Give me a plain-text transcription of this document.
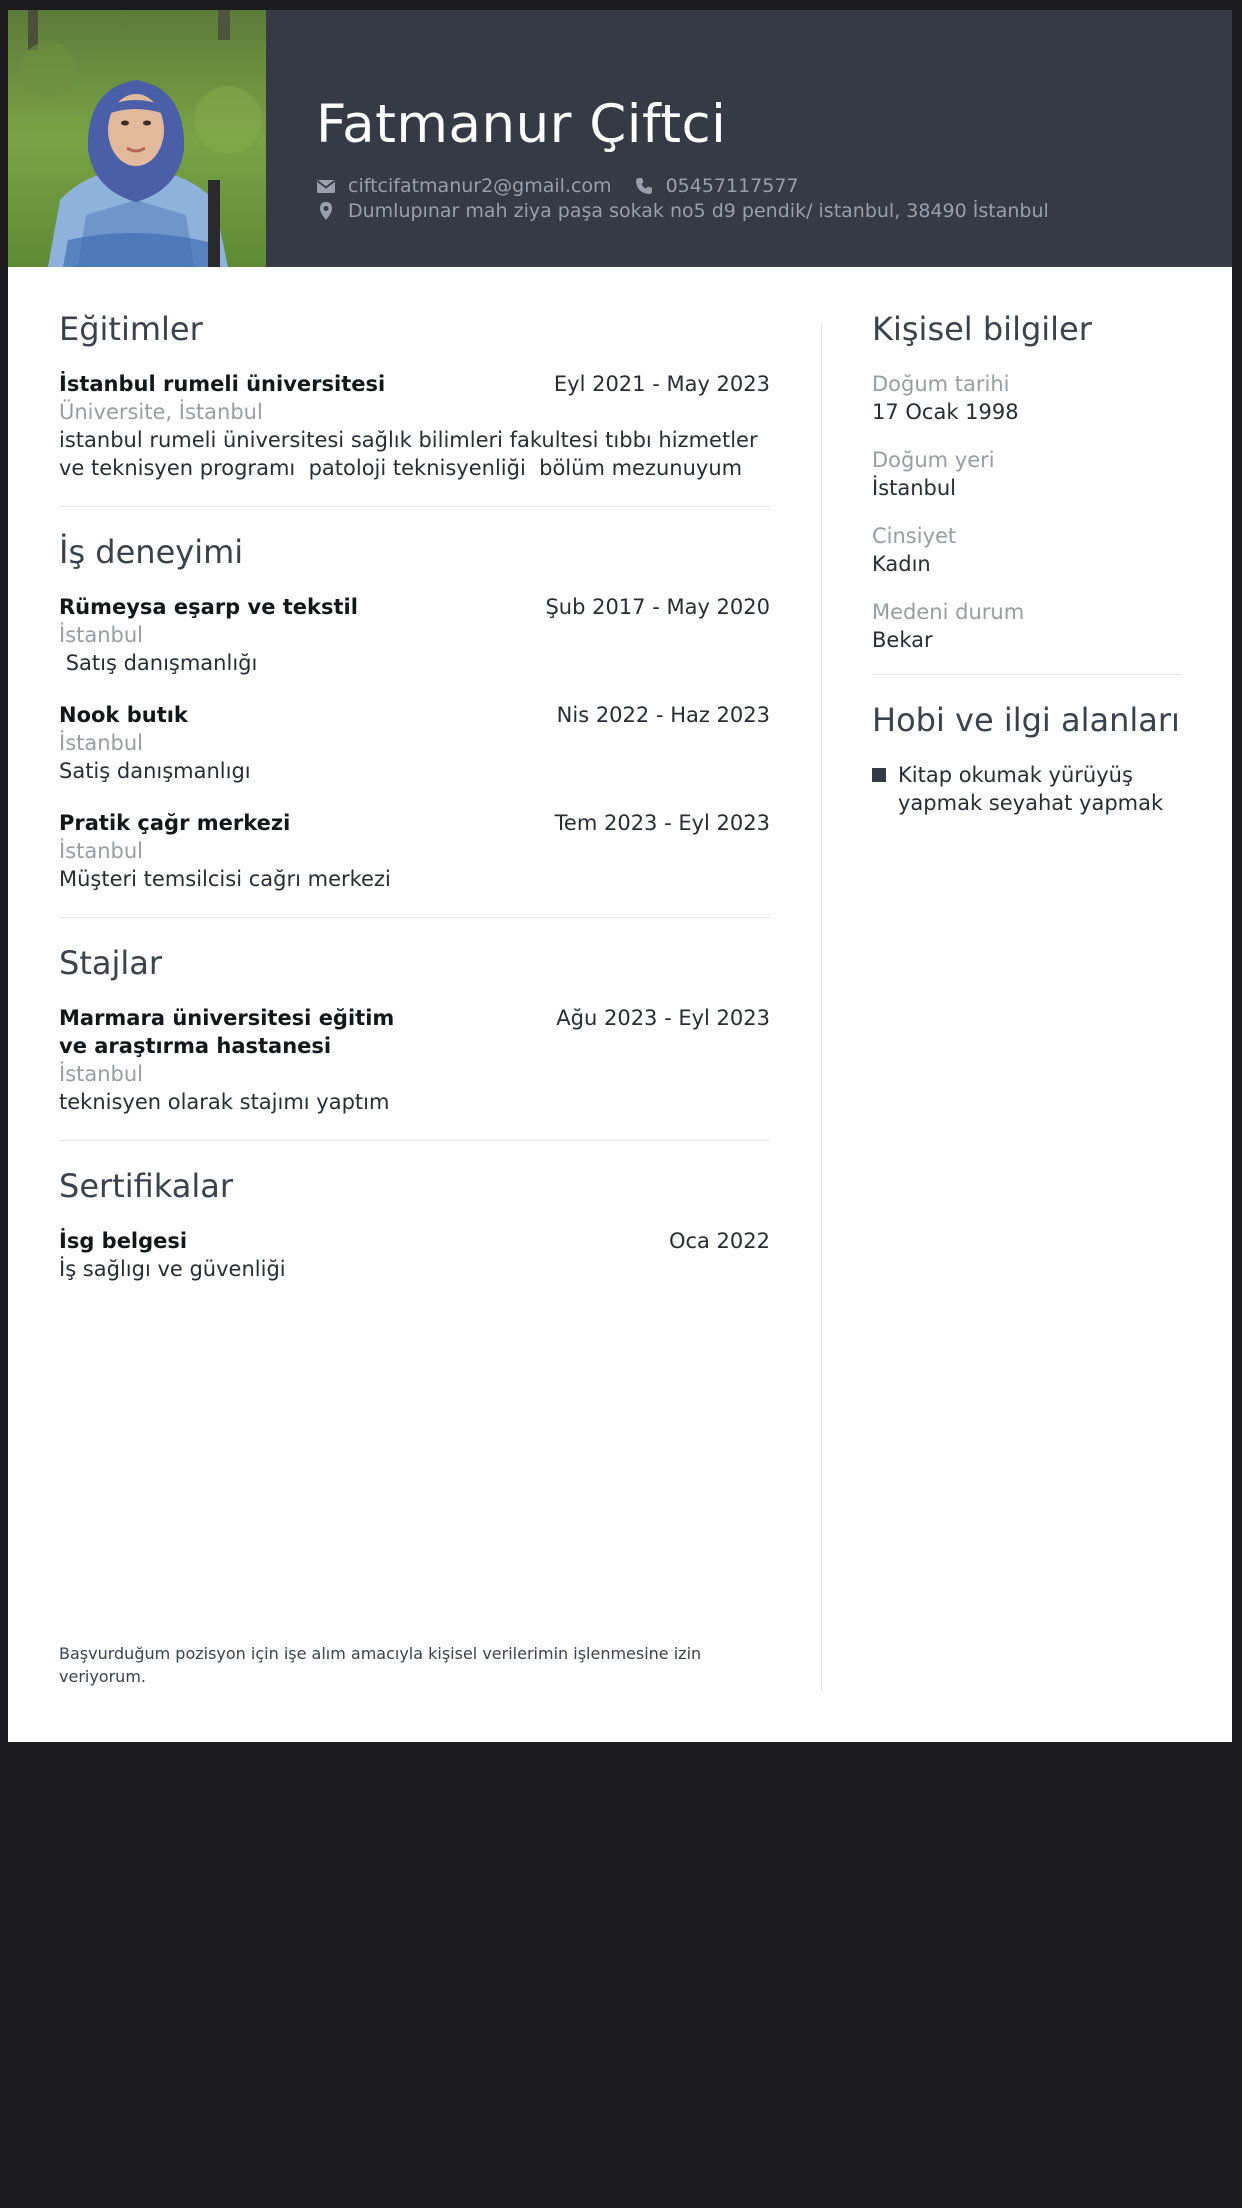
Fatmanur Çiftci
ciftcifatmanur2@gmail.com	05457117577
Dumlupınar mah ziya paşa sokak no5 d9 pendik/ istanbul, 38490 İstanbul
Eğitimler
İstanbul rumeli üniversitesi	Eyl 2021 - May 2023
Üniversite, İstanbul
istanbul rumeli üniversitesi sağlık bilimleri fakultesi tıbbı hizmetler ve teknisyen programı  patoloji teknisyenliği  bölüm mezunuyum
İş deneyimi
Rümeysa eşarp ve tekstil	Şub 2017 - May 2020
İstanbul
Satış danışmanlığı
Nook butık	Nis 2022 - Haz 2023
İstanbul
Satiş danışmanlıgı
Pratik çağr merkezi	Tem 2023 - Eyl 2023
İstanbul
Müşteri temsilcisi cağrı merkezi
Stajlar
Marmara üniversitesi eğitim ve araştırma hastanesi
Ağu 2023 - Eyl 2023
İstanbul
teknisyen olarak stajımı yaptım
Sertifikalar
İsg belgesi	Oca 2022
İş sağlıgı ve güvenliği
Kişisel bilgiler
Doğum tarihi
17 Ocak 1998
Doğum yeri
İstanbul
Cinsiyet
Kadın
Medeni durum
Bekar
Hobi ve ilgi alanları
Kitap okumak yürüyüş yapmak seyahat yapmak
Başvurduğum pozisyon için işe alım amacıyla kişisel verilerimin işlenmesine izin veriyorum.
